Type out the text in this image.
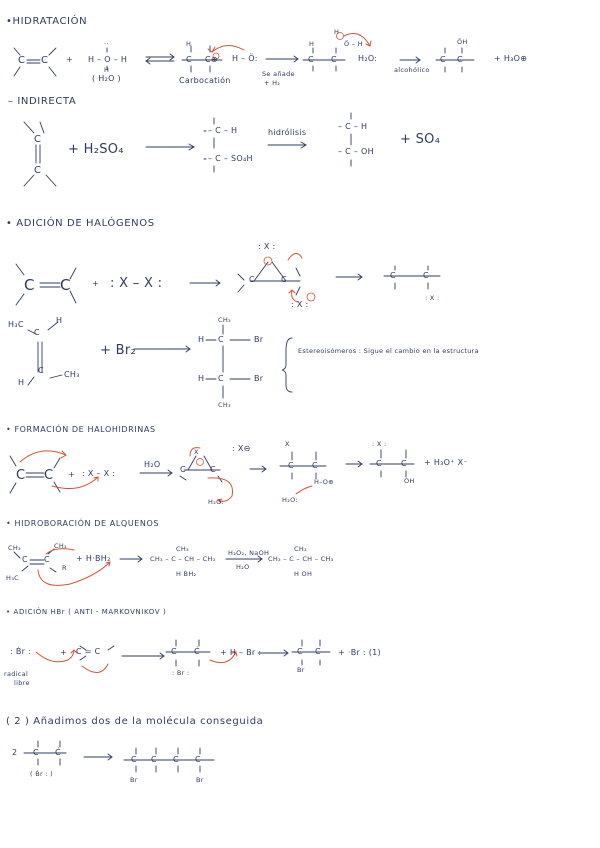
•HIDRATACIÓN
C C + H – O – H
··
H
( H₂O )
H
C C⊕
Carbocatión
H – Ö:
Se añade
+ H₂
H
C C
H
Ö – H
H₂O:
alcohólico
C C
ÖH
+ H₃O⊕
– INDIRECTA
C
C
+ H₂SO₄
– C – H
– C – SO₄H
hidrólisis
– C – H
– C – OH
+ SO₄
• ADICIÓN DE HALÓGENOS
C C	+ : X – X :
: X :
C	C
: X :
C	C
: X :
H₃C
C
H
H
C	CH₃
+ Br₂
CH₃
H C	Br
H C	Br
CH₃
Estereoisómeros : Sigue el cambio en la estructura
• FORMACIÓN DE HALOHIDRINAS
C C + : X – X :
H₂O
X
C	C
: X⊖
H₂O:
X
C C
H–O⊕
H₂O:
: X :
C C
OH
+ H₃O⁺ X⁻
• HIDROBORACIÓN DE ALQUENOS
CH₃	CH₃
C C
R
H₃C
+ H·BH₂	CH₃ – C – CH – CH₃
CH₃
H BH₂
H₂O₂, NaOH
H₂O
CH₃ – C – CH – CH₃
CH₃
H OH
• ADICIÓN HBr ( ANTI - MARKOVNIKOV )
: Ḃr :
radical
libre
+ C = C	C Ċ
: Br :
+ H – Br :	C C
Br
+ ·Br : (1)
( 2 ) Añadimos dos de la molécula conseguida
2 C Ċ
( Ḃr : )
C C C C
Br	Br
